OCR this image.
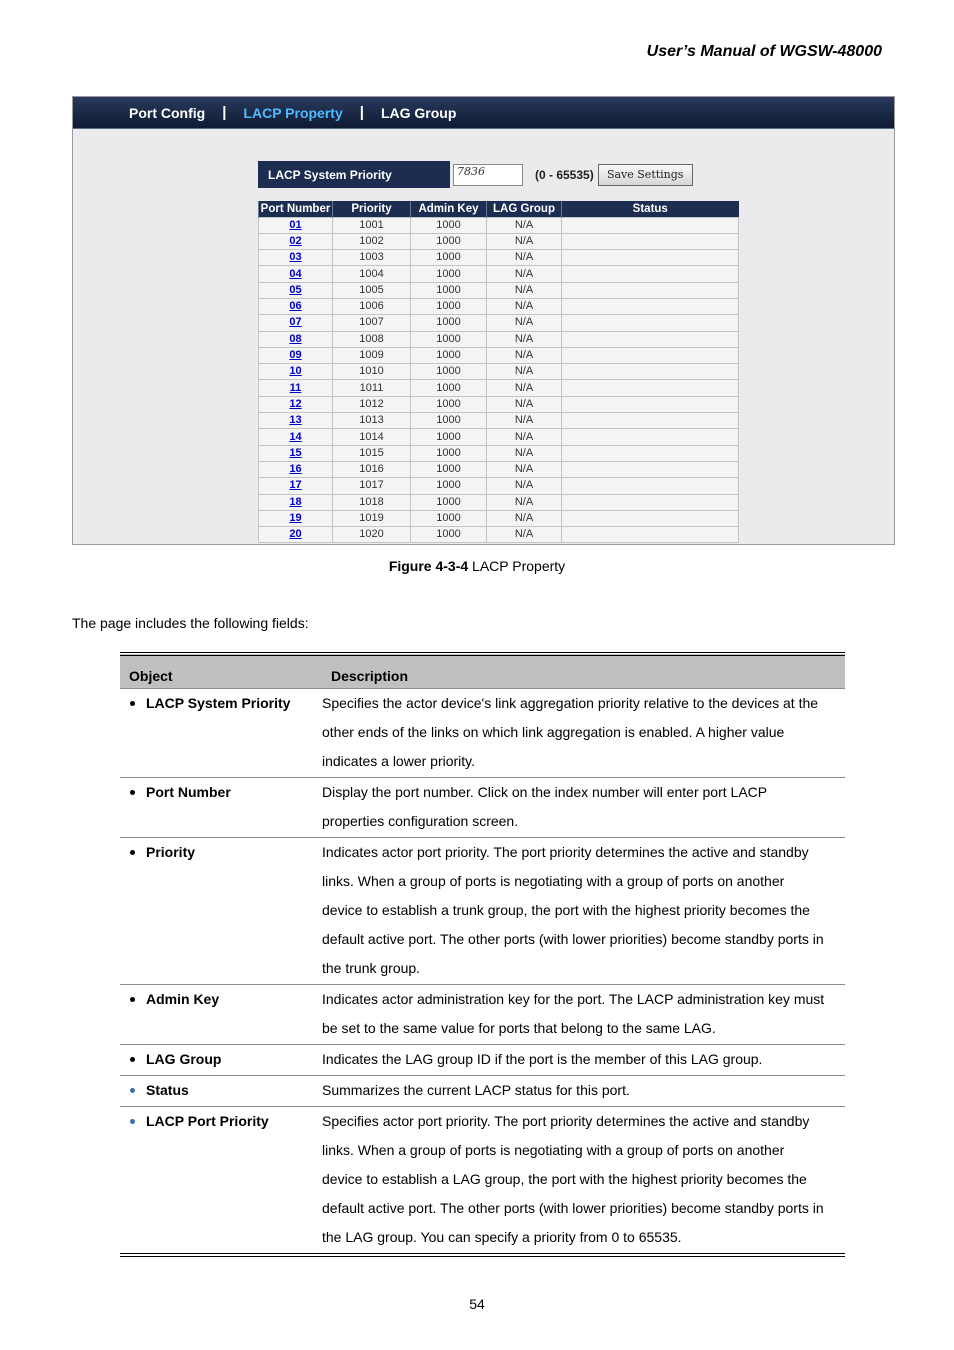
User’s Manual of WGSW-48000
Port Config | LACP Property | LAG Group
LACP System Priority	7836	(0 - 65535)	Save Settings
Port Number	Priority	Admin Key	LAG Group	Status
01	1001	1000	N/A	
02	1002	1000	N/A	
03	1003	1000	N/A	
04	1004	1000	N/A	
05	1005	1000	N/A	
06	1006	1000	N/A	
07	1007	1000	N/A	
08	1008	1000	N/A	
09	1009	1000	N/A	
10	1010	1000	N/A	
11	1011	1000	N/A	
12	1012	1000	N/A	
13	1013	1000	N/A	
14	1014	1000	N/A	
15	1015	1000	N/A	
16	1016	1000	N/A	
17	1017	1000	N/A	
18	1018	1000	N/A	
19	1019	1000	N/A	
20	1020	1000	N/A	
Figure 4-3-4 LACP Property
The page includes the following fields:
Object	Description
LACP System Priority	Specifies the actor device's link aggregation priority relative to the devices at the
other ends of the links on which link aggregation is enabled. A higher value
indicates a lower priority.

Port Number	Display the port number. Click on the index number will enter port LACP
properties configuration screen.

Priority	Indicates actor port priority. The port priority determines the active and standby
links. When a group of ports is negotiating with a group of ports on another
device to establish a trunk group, the port with the highest priority becomes the
default active port. The other ports (with lower priorities) become standby ports in
the trunk group.

Admin Key	Indicates actor administration key for the port. The LACP administration key must
be set to the same value for ports that belong to the same LAG.

LAG Group	Indicates the LAG group ID if the port is the member of this LAG group.

Status	Summarizes the current LACP status for this port.

LACP Port Priority	Specifies actor port priority. The port priority determines the active and standby
links. When a group of ports is negotiating with a group of ports on another
device to establish a LAG group, the port with the highest priority becomes the
default active port. The other ports (with lower priorities) become standby ports in
the LAG group. You can specify a priority from 0 to 65535.
54
